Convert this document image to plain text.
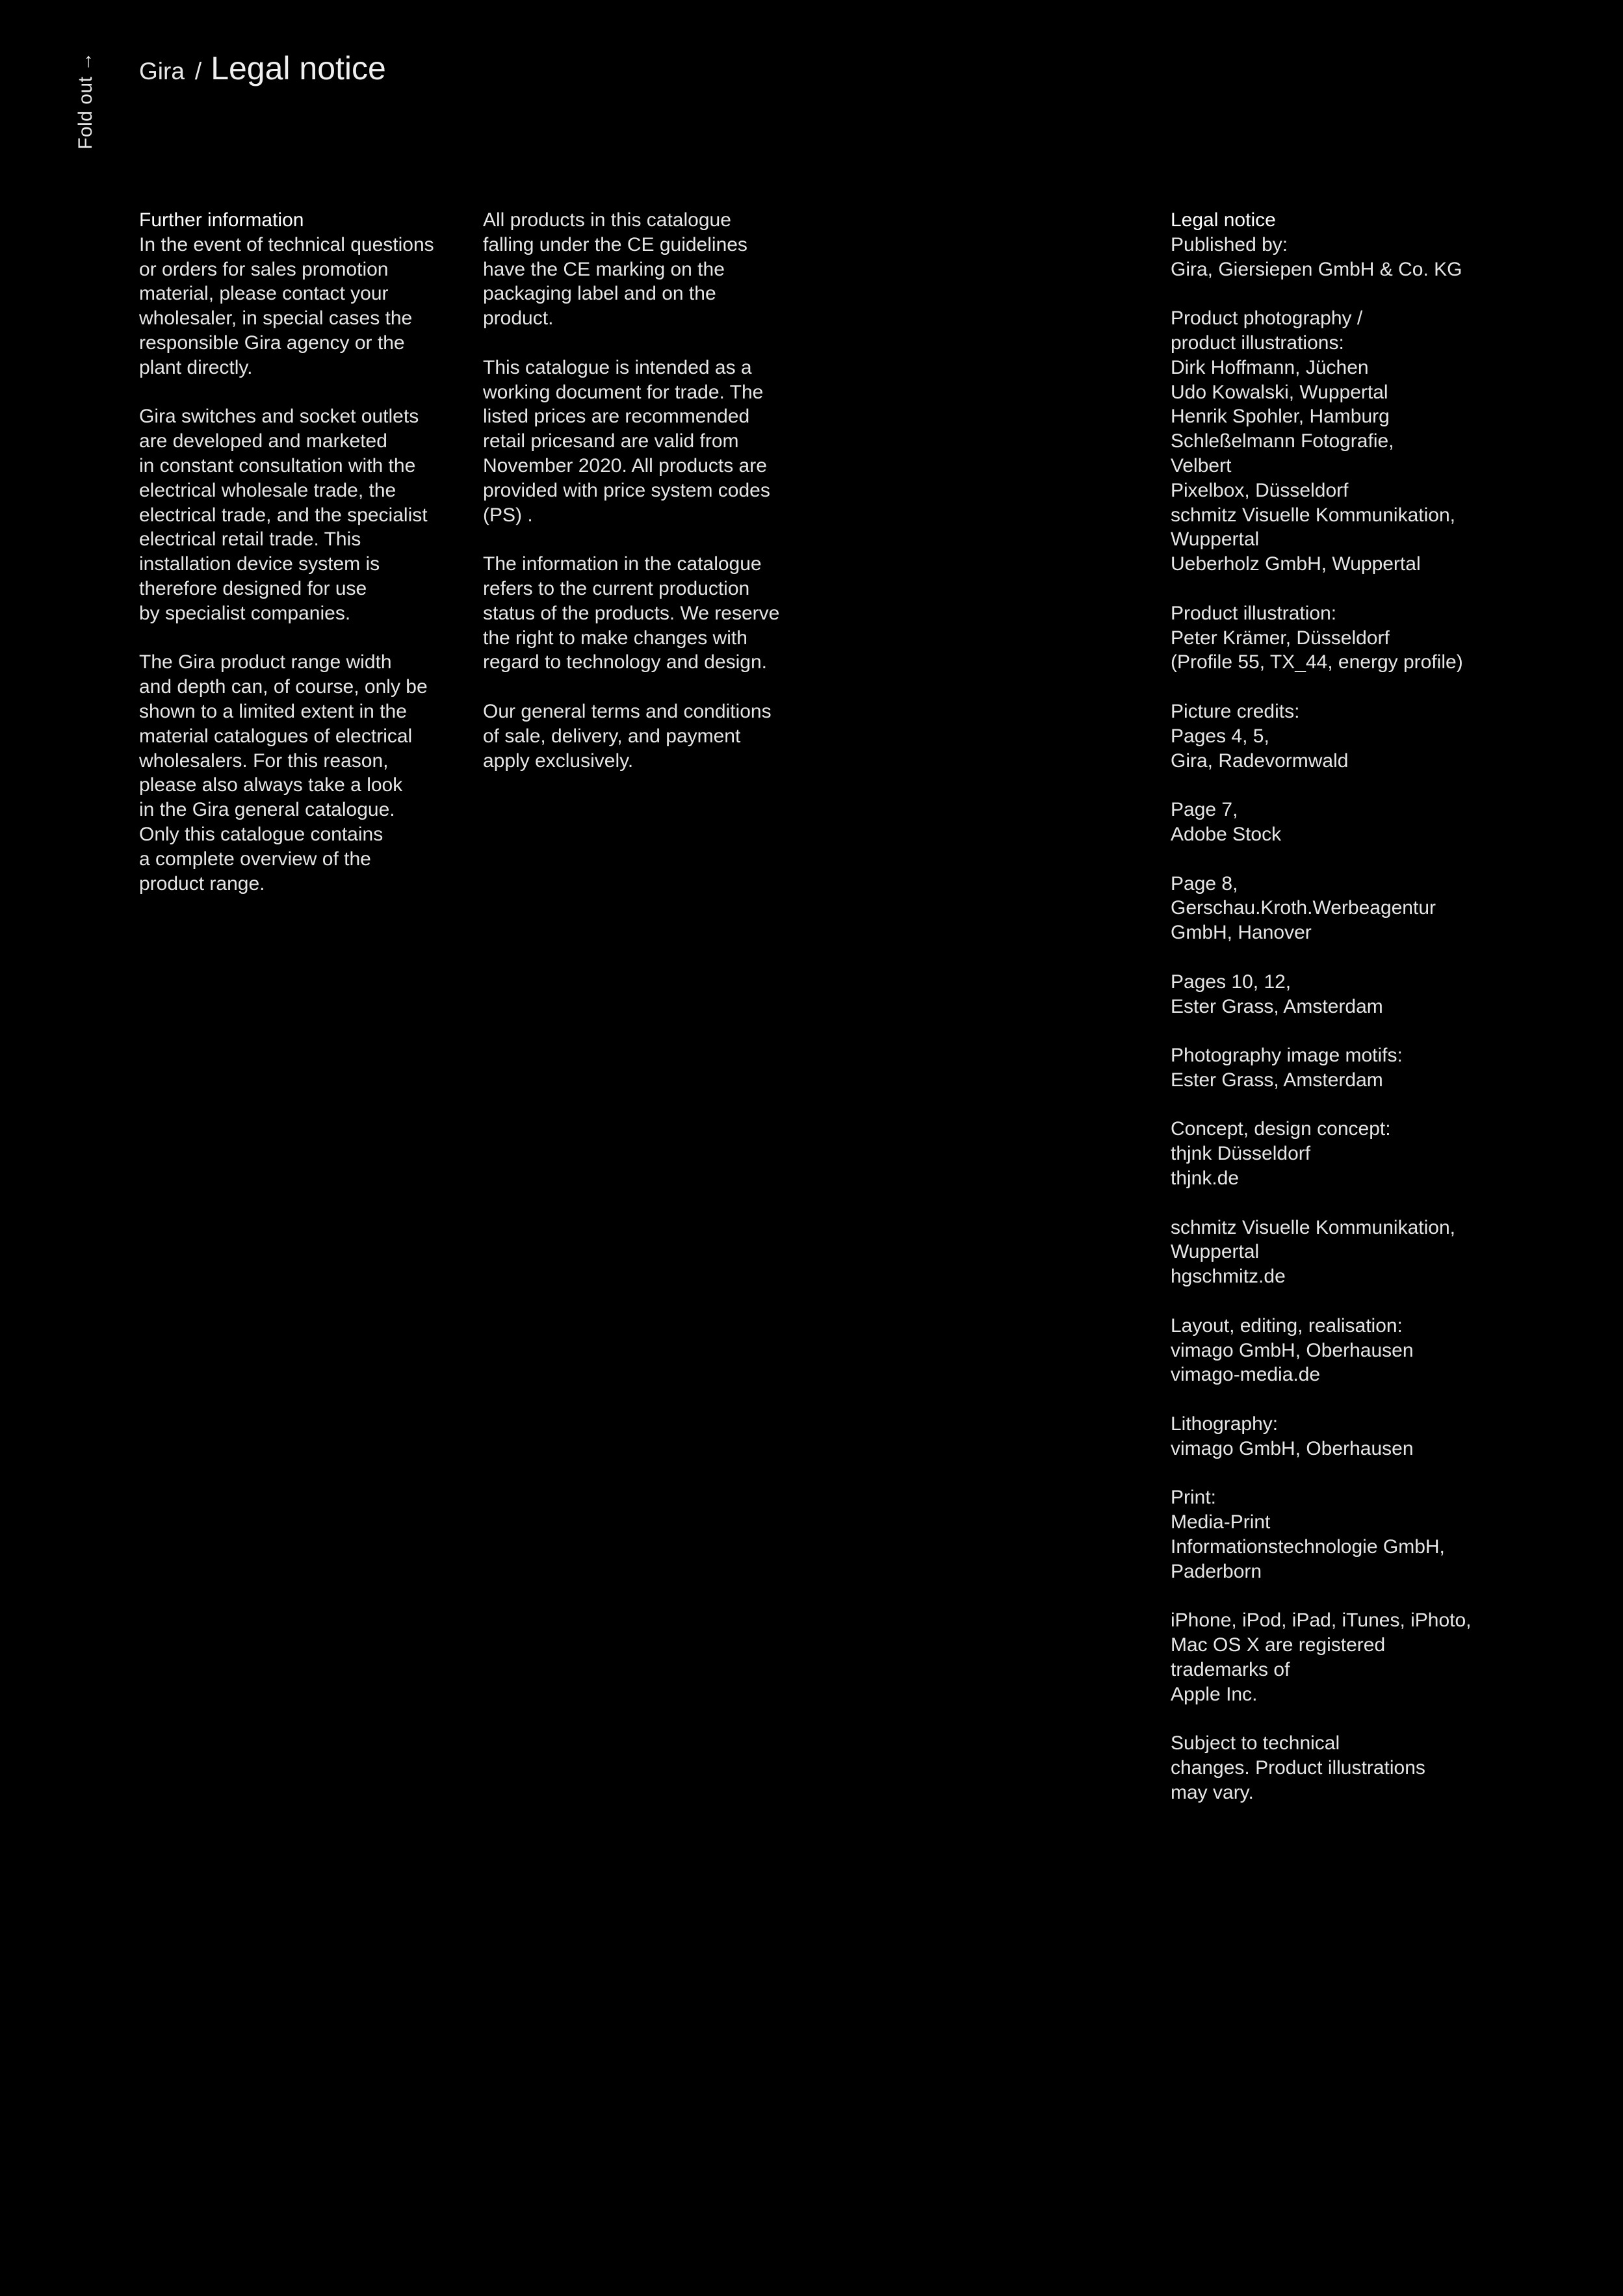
Fold out→	Gira / Legal notice
Further information

In the event of technical questions
or orders for sales promotion
material, please contact your
wholesaler, in special cases the
responsible Gira agency or the
plant directly.

Gira switches and socket outlets
are developed and marketed
in constant consultation with the
electrical wholesale trade, the
electrical trade, and the specialist
electrical retail trade. This
installation device system is
therefore designed for use
by specialist companies.

The Gira product range width
and depth can, of course, only be
shown to a limited extent in the
material catalogues of electrical
wholesalers. For this reason,
please also always take a look
in the Gira general catalogue.
Only this catalogue contains
a complete overview of the
product range.

All products in this catalogue
falling under the CE guidelines
have the CE marking on the
packaging label and on the
product.

This catalogue is intended as a
working document for trade. The
listed prices are recommended
retail pricesand are valid from
November 2020. All products are
provided with price system codes
(PS) .

The information in the catalogue
refers to the current production
status of the products. We reserve
the right to make changes with
regard to technology and design.

Our general terms and conditions
of sale, delivery, and payment
apply exclusively.

Legal notice
Published by:
Gira, Giersiepen GmbH & Co. KG

Product photography /
product illustrations:
Dirk Hoffmann, Jüchen
Udo Kowalski, Wuppertal
Henrik Spohler, Hamburg
Schleßelmann Fotografie,
Velbert
Pixelbox, Düsseldorf
schmitz Visuelle Kommunikation,
Wuppertal
Ueberholz GmbH, Wuppertal

Product illustration:
Peter Krämer, Düsseldorf
(Profile 55, TX_44, energy profile)

Picture credits:
Pages 4, 5,
Gira, Radevormwald

Page 7,
Adobe Stock

Page 8,
Gerschau.Kroth.Werbeagentur
GmbH, Hanover

Pages 10, 12,
Ester Grass, Amsterdam

Photography image motifs:
Ester Grass, Amsterdam

Concept, design concept:
thjnk Düsseldorf
thjnk.de

schmitz Visuelle Kommunikation,
Wuppertal
hgschmitz.de

Layout, editing, realisation:
vimago GmbH, Oberhausen
vimago-media.de

Lithography:
vimago GmbH, Oberhausen

Print:
Media-Print
Informationstechnologie GmbH,
Paderborn

iPhone, iPod, iPad, iTunes, iPhoto,
Mac OS X are registered
trademarks of
Apple Inc.

Subject to technical
changes. Product illustrations
may vary.
